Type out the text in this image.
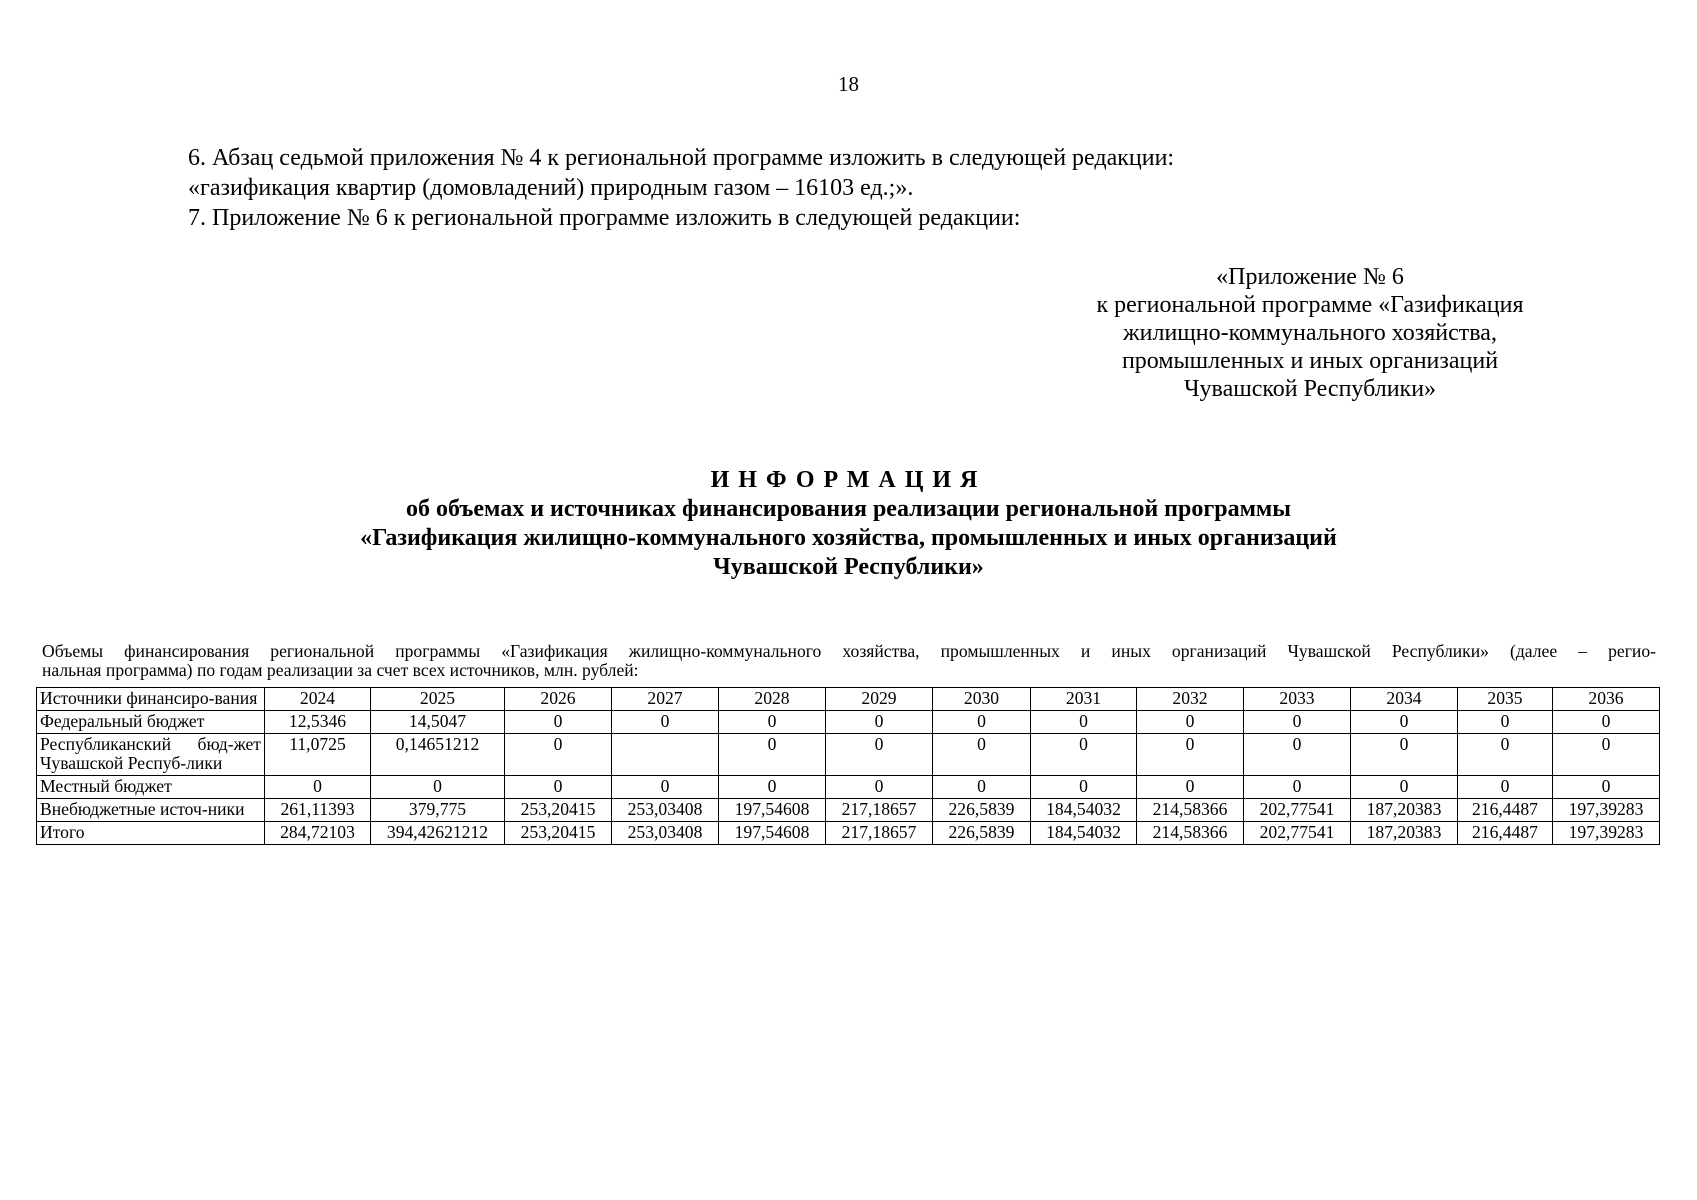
18

6. Абзац седьмой приложения № 4 к региональной программе изложить в следующей редакции:

«газификация квартир (домовладений) природным газом – 16103 ед.;».

7. Приложение № 6 к региональной программе изложить в следующей редакции:

«Приложение № 6
к региональной программе «Газификация
жилищно-коммунального хозяйства,
промышленных и иных организаций
Чувашской Республики»
ИНФОРМАЦИЯ
об объемах и источниках финансирования реализации региональной программы
«Газификация жилищно-коммунального хозяйства, промышленных и иных организаций
Чувашской Республики»
Объемы финансирования региональной программы «Газификация жилищно-коммунального хозяйства, промышленных и иных организаций Чувашской Республики» (далее – регио-
нальная программа) по годам реализации за счет всех источников, млн. рублей:
Источники финансиро-вания	2024	2025	2026	2027	2028	2029	2030	2031	2032	2033	2034	2035	2036
Федеральный бюджет	12,5346	14,5047	0	0	0	0	0	0	0	0	0	0	0
Республиканский бюд-жет Чувашской Респуб-лики	11,0725	0,14651212	0		0	0	0	0	0	0	0	0	0
Местный бюджет	0	0	0	0	0	0	0	0	0	0	0	0	0
Внебюджетные источ-ники	261,11393	379,775	253,20415	253,03408	197,54608	217,18657	226,5839	184,54032	214,58366	202,77541	187,20383	216,4487	197,39283
Итого	284,72103	394,42621212	253,20415	253,03408	197,54608	217,18657	226,5839	184,54032	214,58366	202,77541	187,20383	216,4487	197,39283
